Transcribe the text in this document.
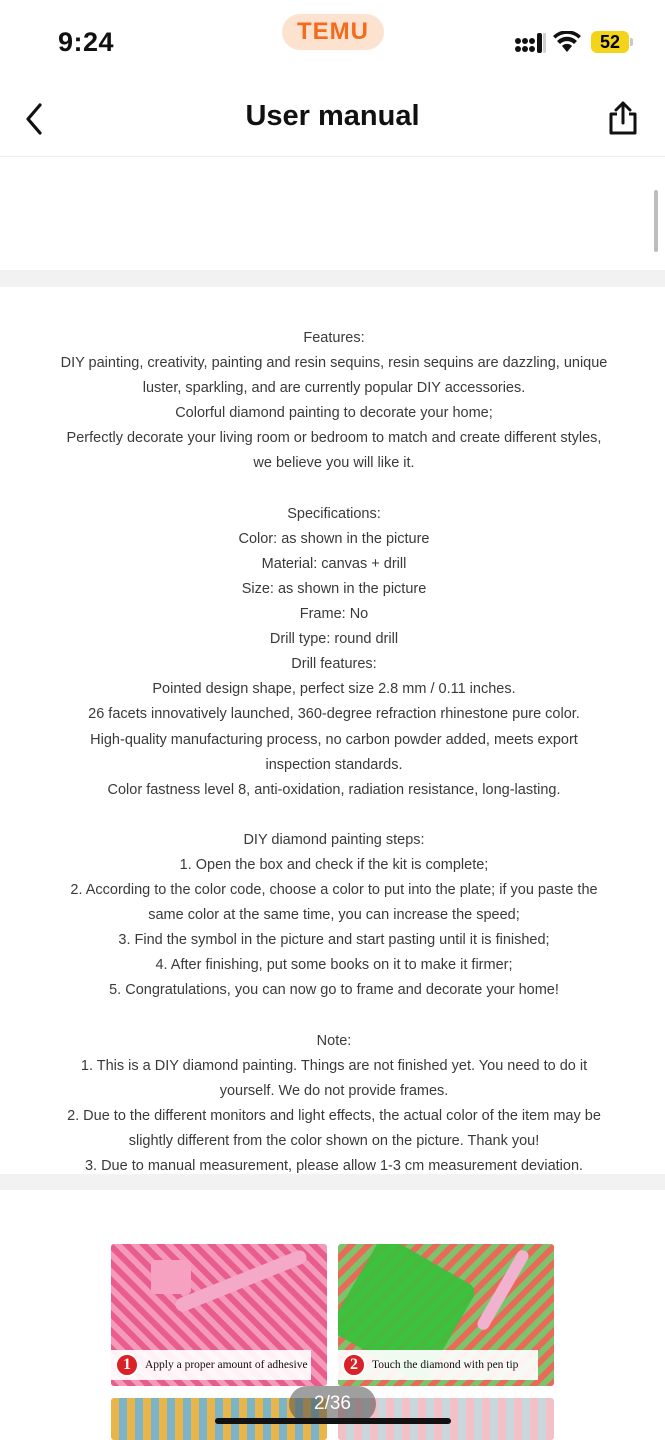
9:24	TEMU	52
User manual

Features:

DIY painting, creativity, painting and resin sequins, resin sequins are dazzling, unique luster, sparkling, and are currently popular DIY accessories.

Colorful diamond painting to decorate your home;

Perfectly decorate your living room or bedroom to match and create different styles, we believe you will like it.

Specifications:

Color: as shown in the picture

Material: canvas + drill

Size: as shown in the picture

Frame: No

Drill type: round drill

Drill features:

Pointed design shape, perfect size 2.8 mm / 0.11 inches.

26 facets innovatively launched, 360-degree refraction rhinestone pure color.

High-quality manufacturing process, no carbon powder added, meets export inspection standards.

Color fastness level 8, anti-oxidation, radiation resistance, long-lasting.

DIY diamond painting steps:

1. Open the box and check if the kit is complete;

2. According to the color code, choose a color to put into the plate; if you paste the same color at the same time, you can increase the speed;

3. Find the symbol in the picture and start pasting until it is finished;

4. After finishing, put some books on it to make it firmer;

5. Congratulations, you can now go to frame and decorate your home!

Note:

1. This is a DIY diamond painting. Things are not finished yet. You need to do it yourself. We do not provide frames.

2. Due to the different monitors and light effects, the actual color of the item may be slightly different from the color shown on the picture. Thank you!

3. Due to manual measurement, please allow 1-3 cm measurement deviation.

1	Apply a proper amount of adhesive	2	Touch the diamond with pen tip
2/36
